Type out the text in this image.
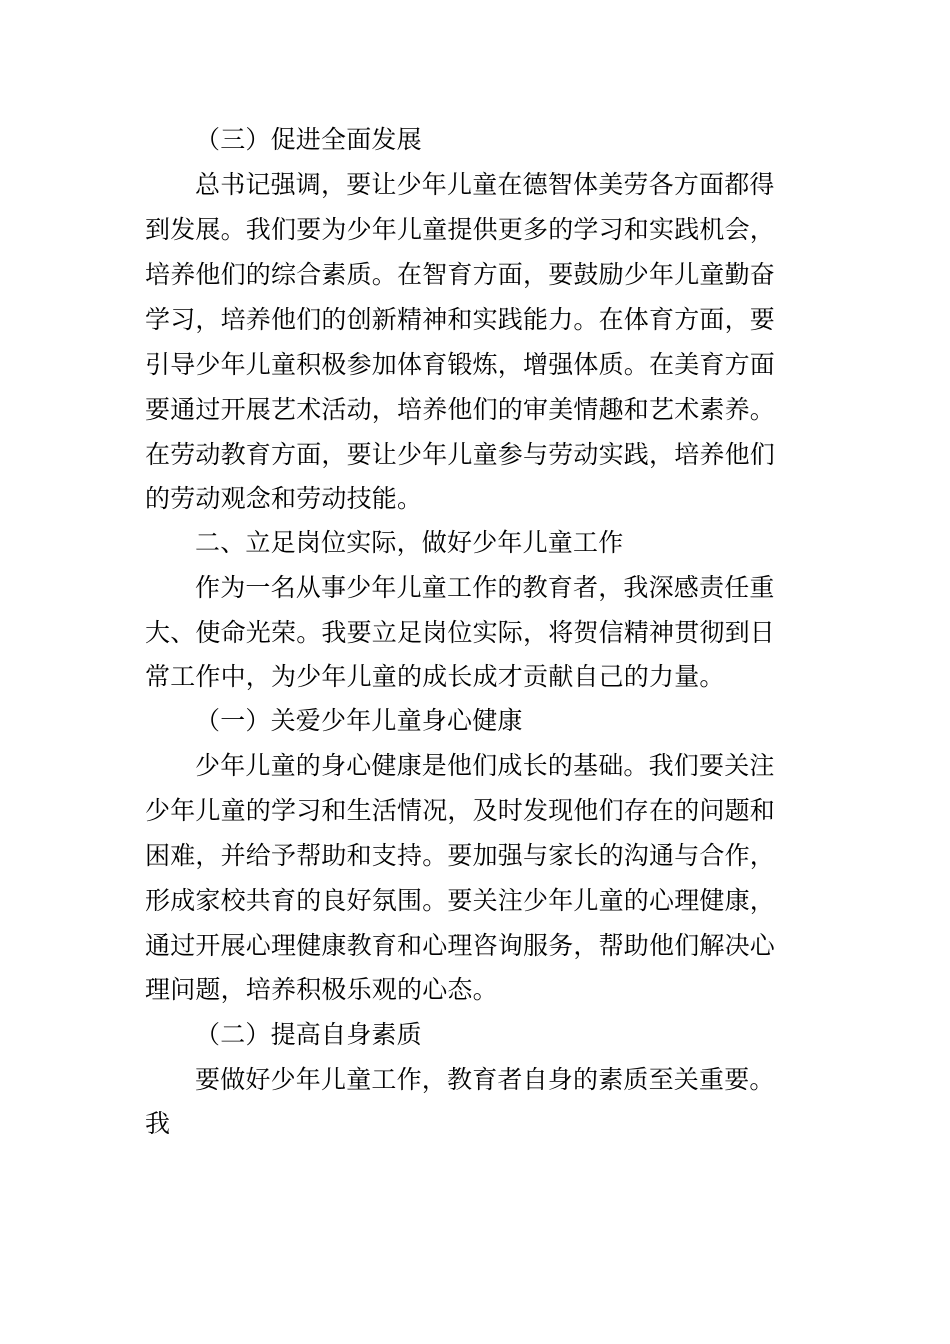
（三）促进全面发展
总书记强调，要让少年儿童在德智体美劳各方面都得
到发展。我们要为少年儿童提供更多的学习和实践机会，
培养他们的综合素质。在智育方面，要鼓励少年儿童勤奋
学习，培养他们的创新精神和实践能力。在体育方面，要
引导少年儿童积极参加体育锻炼，增强体质。在美育方面
要通过开展艺术活动，培养他们的审美情趣和艺术素养。
在劳动教育方面，要让少年儿童参与劳动实践，培养他们
的劳动观念和劳动技能。
二、立足岗位实际，做好少年儿童工作
作为一名从事少年儿童工作的教育者，我深感责任重
大、使命光荣。我要立足岗位实际，将贺信精神贯彻到日
常工作中，为少年儿童的成长成才贡献自己的力量。
（一）关爱少年儿童身心健康
少年儿童的身心健康是他们成长的基础。我们要关注
少年儿童的学习和生活情况，及时发现他们存在的问题和
困难，并给予帮助和支持。要加强与家长的沟通与合作，
形成家校共育的良好氛围。要关注少年儿童的心理健康，
通过开展心理健康教育和心理咨询服务，帮助他们解决心
理问题，培养积极乐观的心态。
（二）提高自身素质
要做好少年儿童工作，教育者自身的素质至关重要。
我
